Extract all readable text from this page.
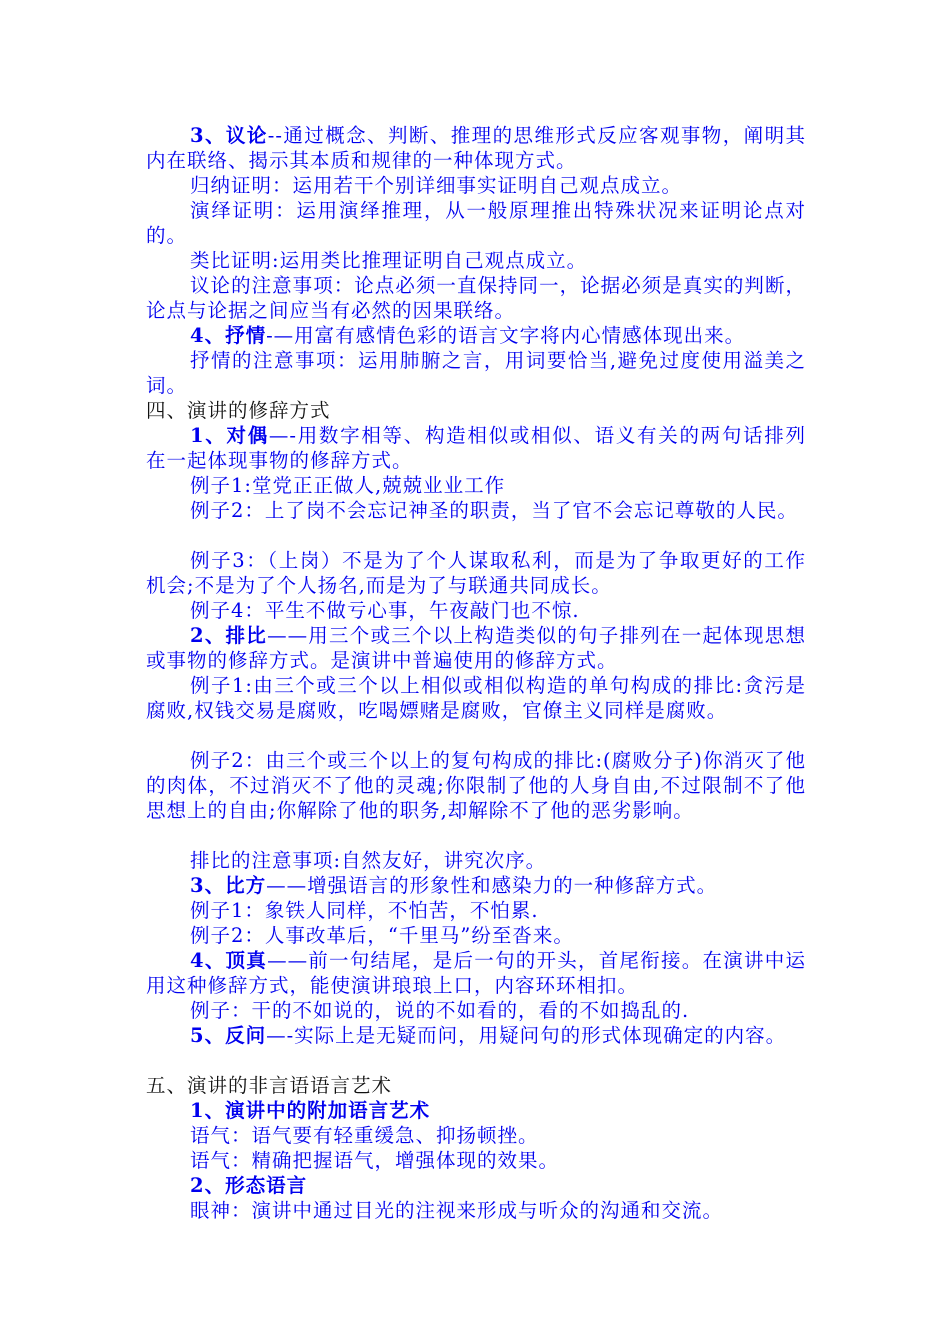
3、议论--通过概念、判断、推理的思维形式反应客观事物，阐明其内在联络、揭示其本质和规律的一种体现方式。
归纳证明：运用若干个别详细事实证明自己观点成立。
演绎证明：运用演绎推理，从一般原理推出特殊状况来证明论点对的。
类比证明:运用类比推理证明自己观点成立。
议论的注意事项：论点必须一直保持同一，论据必须是真实的判断，论点与论据之间应当有必然的因果联络。
4、抒情-—用富有感情色彩的语言文字将内心情感体现出来。
抒情的注意事项：运用肺腑之言，用词要恰当,避免过度使用溢美之词。
四、演讲的修辞方式
1、对偶—-用数字相等、构造相似或相似、语义有关的两句话排列在一起体现事物的修辞方式。
例子1:堂党正正做人,兢兢业业工作
例子2：上了岗不会忘记神圣的职责，当了官不会忘记尊敬的人民。
例子3：（上岗）不是为了个人谋取私利，而是为了争取更好的工作机会;不是为了个人扬名,而是为了与联通共同成长。
例子4：平生不做亏心事，午夜敲门也不惊.
2、排比——用三个或三个以上构造类似的句子排列在一起体现思想或事物的修辞方式。是演讲中普遍使用的修辞方式。
例子1:由三个或三个以上相似或相似构造的单句构成的排比:贪污是腐败,权钱交易是腐败，吃喝嫖赌是腐败，官僚主义同样是腐败。
例子2：由三个或三个以上的复句构成的排比:(腐败分子)你消灭了他的肉体，不过消灭不了他的灵魂;你限制了他的人身自由,不过限制不了他思想上的自由;你解除了他的职务,却解除不了他的恶劣影响。
排比的注意事项:自然友好，讲究次序。
3、比方——增强语言的形象性和感染力的一种修辞方式。
例子1：象铁人同样，不怕苦，不怕累.
例子2：人事改革后，“千里马”纷至沓来。
4、顶真——前一句结尾，是后一句的开头，首尾衔接。在演讲中运用这种修辞方式，能使演讲琅琅上口，内容环环相扣。
例子：干的不如说的，说的不如看的，看的不如捣乱的.
5、反问—-实际上是无疑而问，用疑问句的形式体现确定的内容。
五、演讲的非言语语言艺术
1、演讲中的附加语言艺术
语气：语气要有轻重缓急、抑扬顿挫。
语气：精确把握语气，增强体现的效果。
2、形态语言
眼神：演讲中通过目光的注视来形成与听众的沟通和交流。
